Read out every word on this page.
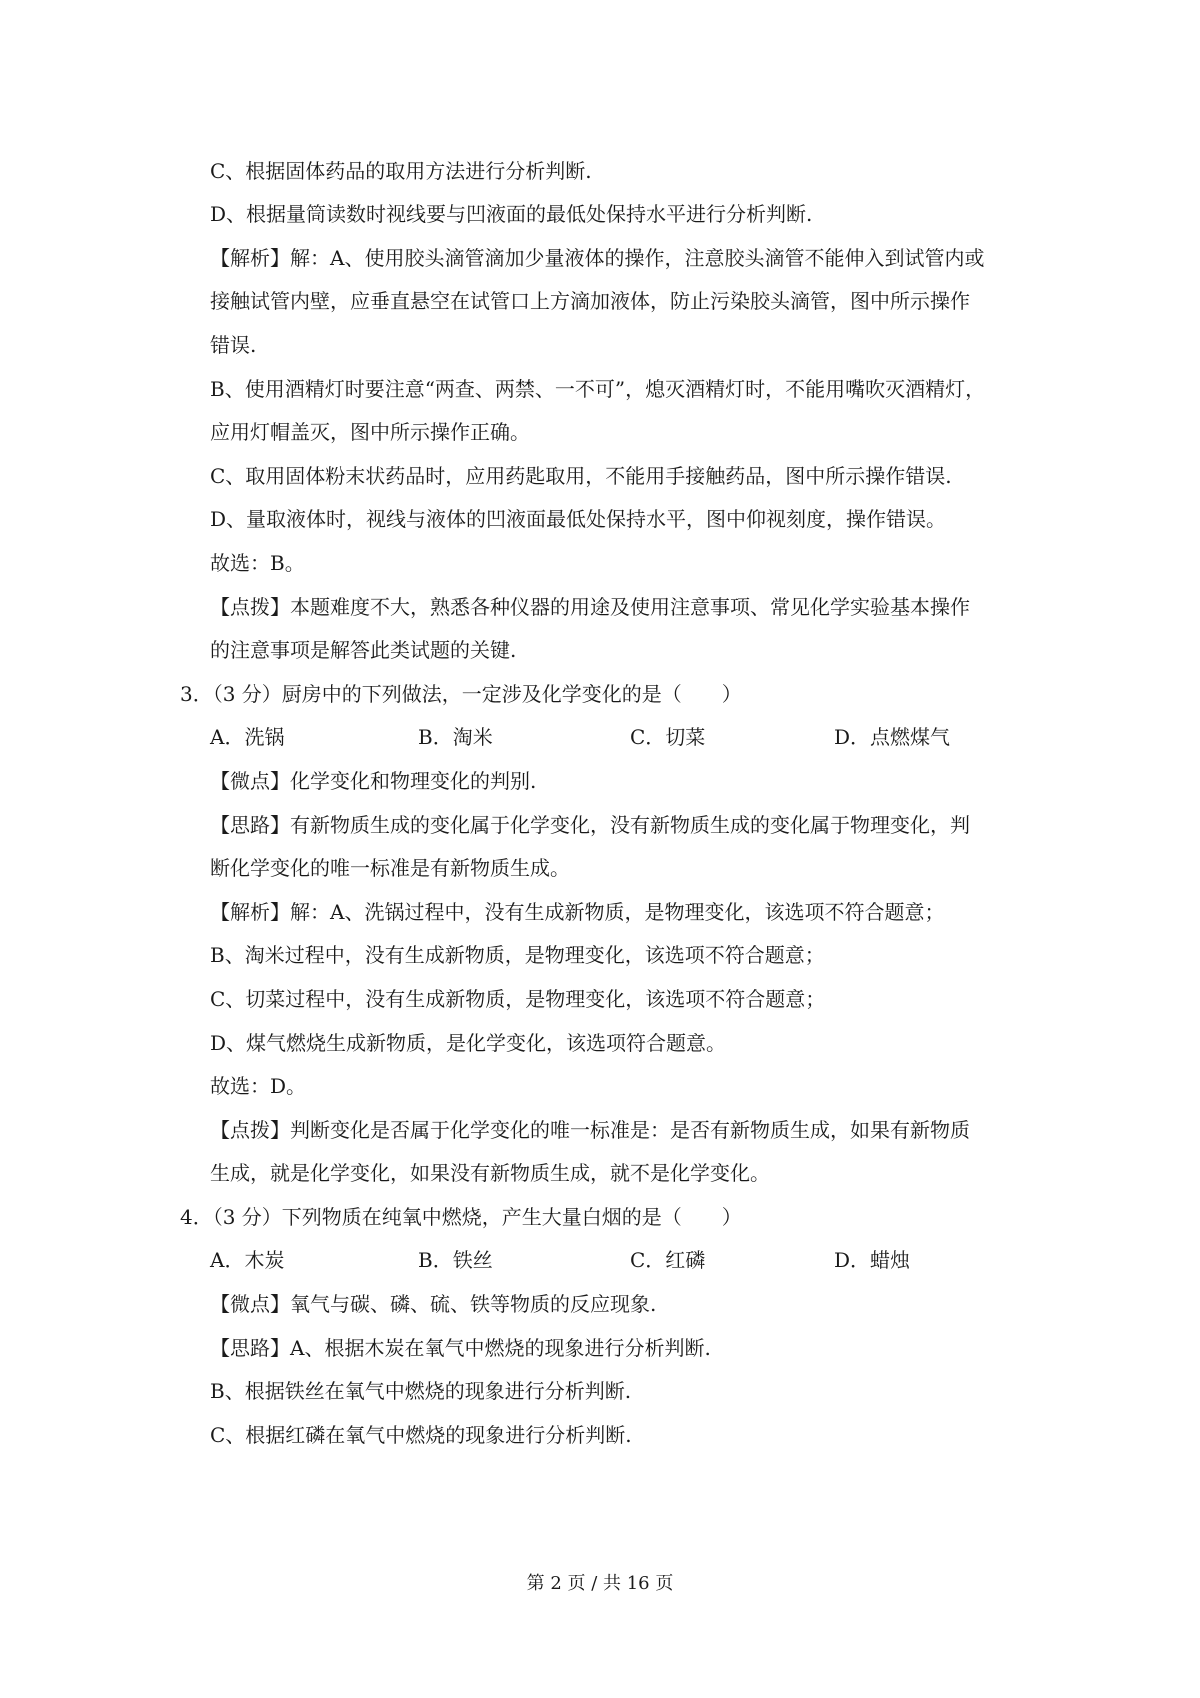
C、根据固体药品的取用方法进行分析判断.
D、根据量筒读数时视线要与凹液面的最低处保持水平进行分析判断.
【解析】解：A、使用胶头滴管滴加少量液体的操作，注意胶头滴管不能伸入到试管内或
接触试管内壁，应垂直悬空在试管口上方滴加液体，防止污染胶头滴管，图中所示操作
错误.
B、使用酒精灯时要注意“两查、两禁、一不可”，熄灭酒精灯时，不能用嘴吹灭酒精灯，
应用灯帽盖灭，图中所示操作正确。
C、取用固体粉末状药品时，应用药匙取用，不能用手接触药品，图中所示操作错误.
D、量取液体时，视线与液体的凹液面最低处保持水平，图中仰视刻度，操作错误。
故选：B。
【点拨】本题难度不大，熟悉各种仪器的用途及使用注意事项、常见化学实验基本操作
的注意事项是解答此类试题的关键.
3．（3 分）厨房中的下列做法，一定涉及化学变化的是（　　）
A．洗锅	B．淘米	C．切菜	D．点燃煤气
【微点】化学变化和物理变化的判别.
【思路】有新物质生成的变化属于化学变化，没有新物质生成的变化属于物理变化，判
断化学变化的唯一标准是有新物质生成。
【解析】解：A、洗锅过程中，没有生成新物质，是物理变化，该选项不符合题意；
B、淘米过程中，没有生成新物质，是物理变化，该选项不符合题意；
C、切菜过程中，没有生成新物质，是物理变化，该选项不符合题意；
D、煤气燃烧生成新物质，是化学变化，该选项符合题意。
故选：D。
【点拨】判断变化是否属于化学变化的唯一标准是：是否有新物质生成，如果有新物质
生成，就是化学变化，如果没有新物质生成，就不是化学变化。
4．（3 分）下列物质在纯氧中燃烧，产生大量白烟的是（　　）
A．木炭	B．铁丝	C．红磷	D．蜡烛
【微点】氧气与碳、磷、硫、铁等物质的反应现象.
【思路】A、根据木炭在氧气中燃烧的现象进行分析判断.
B、根据铁丝在氧气中燃烧的现象进行分析判断.
C、根据红磷在氧气中燃烧的现象进行分析判断.
第 2 页 / 共 16 页
